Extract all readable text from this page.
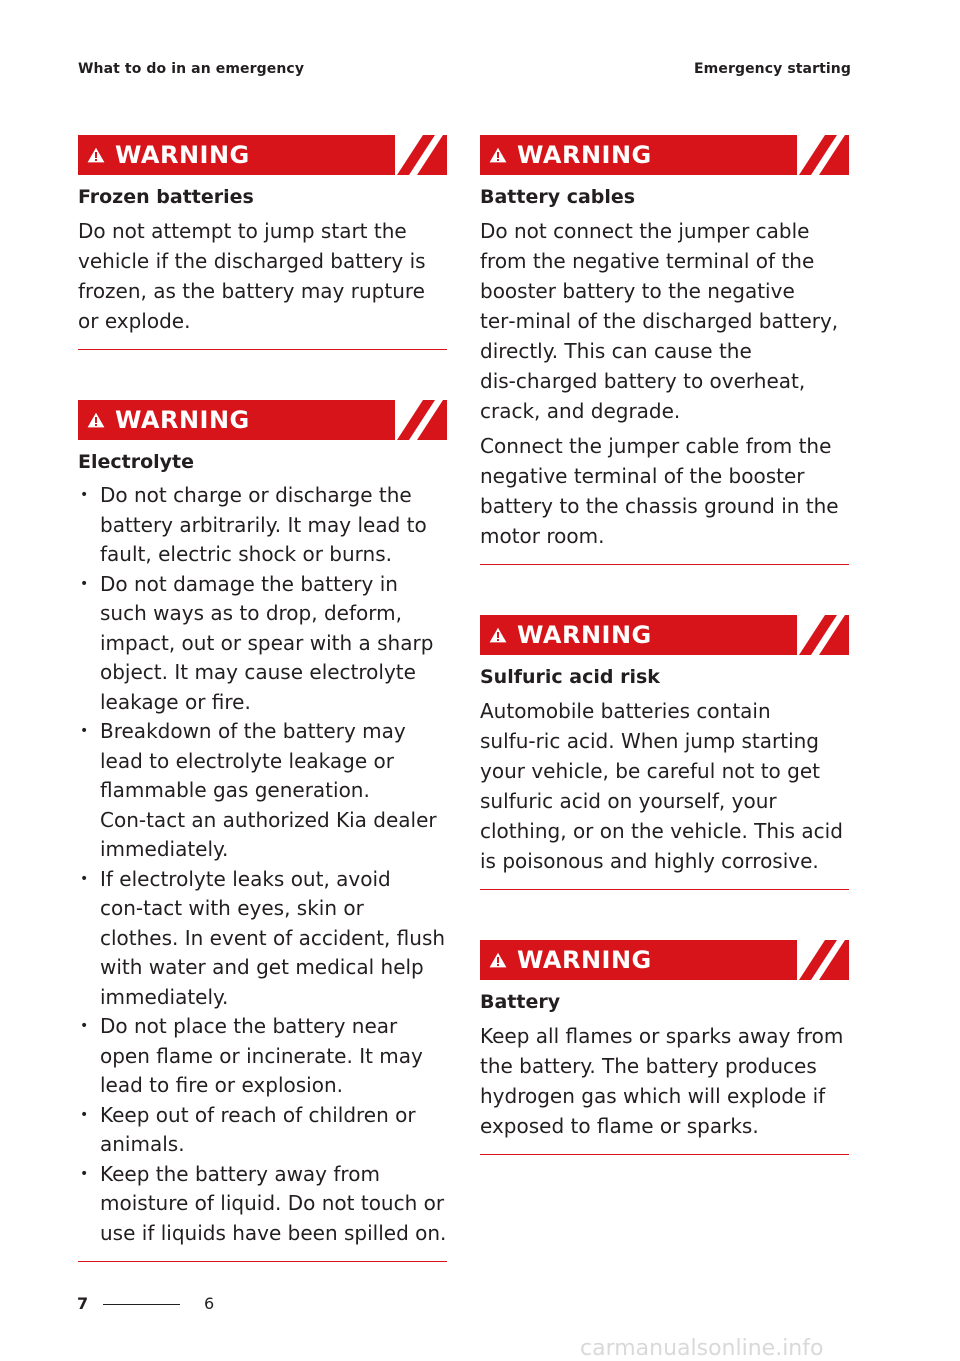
What to do in an emergency	Emergency starting
WARNING
Frozen batteries

Do not attempt to jump start the vehicle if the discharged battery is frozen, as the battery may rupture or explode.

WARNING
Electrolyte
• Do not charge or discharge the battery arbitrarily. It may lead to fault, electric shock or burns.
• Do not damage the battery in such ways as to drop, deform, impact, out or spear with a sharp object. It may cause electrolyte leakage or fire.
• Breakdown of the battery may lead to electrolyte leakage or flammable gas generation. Con‑tact an authorized Kia dealer immediately.
• If electrolyte leaks out, avoid con‑tact with eyes, skin or clothes. In event of accident, flush with water and get medical help immediately.
• Do not place the battery near open flame or incinerate. It may lead to fire or explosion.
• Keep out of reach of children or animals.
• Keep the battery away from moisture of liquid. Do not touch or use if liquids have been spilled on.
WARNING
Battery cables

Do not connect the jumper cable from the negative terminal of the booster battery to the negative ter‑minal of the discharged battery, directly. This can cause the dis‑charged battery to overheat, crack, and degrade.

Connect the jumper cable from the negative terminal of the booster battery to the chassis ground in the motor room.

WARNING
Sulfuric acid risk

Automobile batteries contain sulfu‑ric acid. When jump starting your vehicle, be careful not to get sulfuric acid on yourself, your clothing, or on the vehicle. This acid is poisonous and highly corrosive.

WARNING
Battery

Keep all flames or sparks away from the battery. The battery produces hydrogen gas which will explode if exposed to flame or sparks.

7	6
carmanualsonline.info
